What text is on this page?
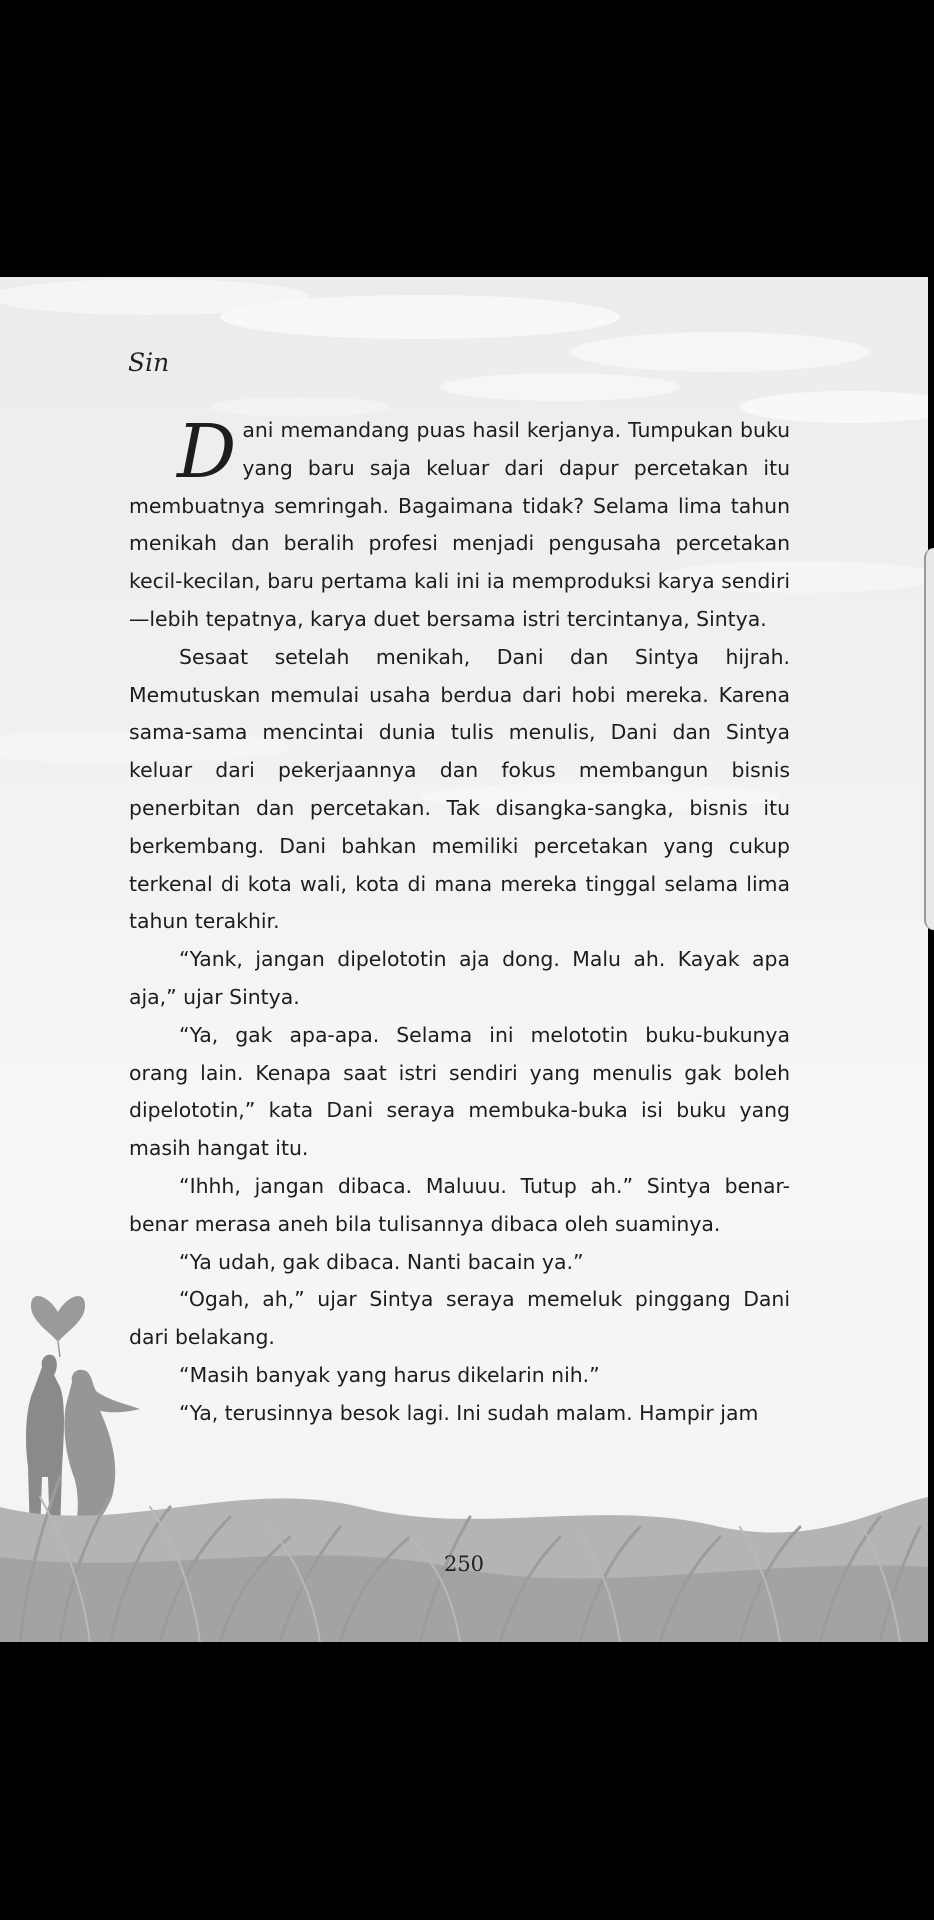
Sin

Dani memandang puas hasil kerjanya. Tumpukan buku yang baru saja keluar dari dapur percetakan itu membuatnya semringah. Bagaimana tidak? Selama lima tahun menikah dan beralih profesi menjadi pengusaha percetakan kecil-kecilan, baru pertama kali ini ia memproduksi karya sendiri—lebih tepatnya, karya duet bersama istri tercintanya, Sintya.

Sesaat setelah menikah, Dani dan Sintya hijrah. Memutuskan memulai usaha berdua dari hobi mereka. Karena sama-sama mencintai dunia tulis menulis, Dani dan Sintya keluar dari pekerjaannya dan fokus membangun bisnis penerbitan dan percetakan. Tak disangka-sangka, bisnis itu berkembang. Dani bahkan memiliki percetakan yang cukup terkenal di kota wali, kota di mana mereka tinggal selama lima tahun terakhir.

“Yank, jangan dipelototin aja dong. Malu ah. Kayak apa aja,” ujar Sintya.

“Ya, gak apa-apa. Selama ini melototin buku-bukunya orang lain. Kenapa saat istri sendiri yang menulis gak boleh dipelototin,” kata Dani seraya membuka-buka isi buku yang masih hangat itu.

“Ihhh, jangan dibaca. Maluuu. Tutup ah.” Sintya benar-benar merasa aneh bila tulisannya dibaca oleh suaminya.

“Ya udah, gak dibaca. Nanti bacain ya.”

“Ogah, ah,” ujar Sintya seraya memeluk pinggang Dani dari belakang.

“Masih banyak yang harus dikelarin nih.”

“Ya, terusinnya besok lagi. Ini sudah malam. Hampir jam

250
